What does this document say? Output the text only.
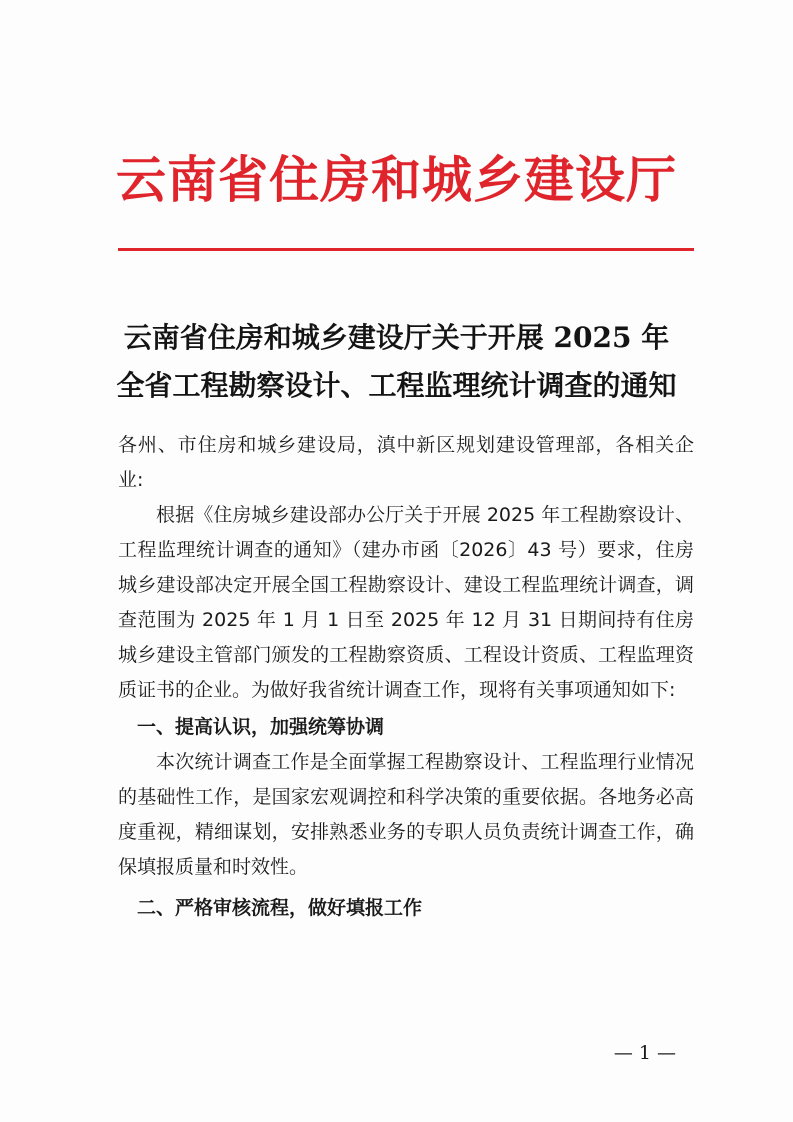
云南省住房和城乡建设厅
云南省住房和城乡建设厅关于开展 2025 年
全省工程勘察设计、工程监理统计调查的通知

各州、市住房和城乡建设局，滇中新区规划建设管理部，各相关企业:

根据《住房城乡建设部办公厅关于开展 2025 年工程勘察设计、工程监理统计调查的通知》（建办市函〔2026〕43 号）要求，住房城乡建设部决定开展全国工程勘察设计、建设工程监理统计调查，调查范围为 2025 年 1 月 1 日至 2025 年 12 月 31 日期间持有住房城乡建设主管部门颁发的工程勘察资质、工程设计资质、工程监理资质证书的企业。为做好我省统计调查工作，现将有关事项通知如下:

一、提高认识，加强统筹协调

本次统计调查工作是全面掌握工程勘察设计、工程监理行业情况的基础性工作，是国家宏观调控和科学决策的重要依据。各地务必高度重视，精细谋划，安排熟悉业务的专职人员负责统计调查工作，确保填报质量和时效性。

二、严格审核流程，做好填报工作

— 1 —
